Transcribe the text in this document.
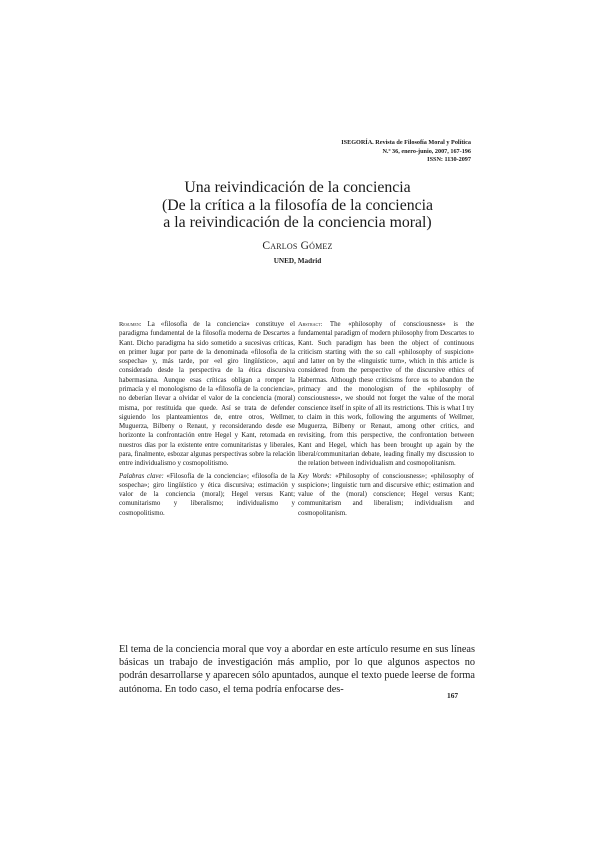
ISEGORÍA. Revista de Filosofía Moral y Política
N.º 36, enero-junio, 2007, 167-196
ISSN: 1130-2097
Una reivindicación de la conciencia
(De la crítica a la filosofía de la conciencia
a la reivindicación de la conciencia moral)
Carlos Gómez
UNED, Madrid
Resumen: La «filosofía de la conciencia» constituye el paradigma fundamental de la filosofía moderna de Descartes a Kant. Dicho paradigma ha sido sometido a sucesivas críticas, en primer lugar por parte de la denominada «filosofía de la sospecha» y, más tarde, por «el giro lingüístico», aquí considerado desde la perspectiva de la ética discursiva habermasiana. Aunque esas críticas obligan a romper la primacía y el monologismo de la «filosofía de la conciencia», no deberían llevar a olvidar el valor de la conciencia (moral) misma, por restituida que quede. Así se trata de defender siguiendo los planteamientos de, entre otros, Wellmer, Muguerza, Bilbeny o Renaut, y reconsiderando desde ese horizonte la confrontación entre Hegel y Kant, retomada en nuestros días por la existente entre comunitaristas y liberales, para, finalmente, esbozar algunas perspectivas sobre la relación entre individualismo y cosmopolitismo.
Palabras clave: «Filosofía de la conciencia»; «filosofía de la sospecha»; giro lingüístico y ética discursiva; estimación y valor de la conciencia (moral); Hegel versus Kant; comunitarismo y liberalismo; individualismo y cosmopolitismo.
Abstract: The «philosophy of consciousness» is the fundamental paradigm of modern philosophy from Descartes to Kant. Such paradigm has been the object of continuous criticism starting with the so call «philosophy of suspicion» and latter on by the «linguistic turn», which in this article is considered from the perspective of the discursive ethics of Habermas. Although these criticisms force us to abandon the primacy and the monologism of the «philosophy of consciousness», we should not forget the value of the moral conscience itself in spite of all its restrictions. This is what I try to claim in this work, following the arguments of Wellmer, Muguerza, Bilbeny or Renaut, among other critics, and revisiting, from this perspective, the confrontation between Kant and Hegel, which has been brought up again by the liberal/communitarian debate, leading finally my discussion to the relation between individualism and cosmopolitanism.
Key Words: «Philosophy of consciousness»; «philosophy of suspicion»; linguistic turn and discursive ethic; estimation and value of the (moral) conscience; Hegel versus Kant; communitarism and liberalism; individualism and cosmopolitanism.
El tema de la conciencia moral que voy a abordar en este artículo resume en sus líneas básicas un trabajo de investigación más amplio, por lo que algunos aspectos no podrán desarrollarse y aparecen sólo apuntados, aunque el texto puede leerse de forma autónoma. En todo caso, el tema podría enfocarse des-
167
